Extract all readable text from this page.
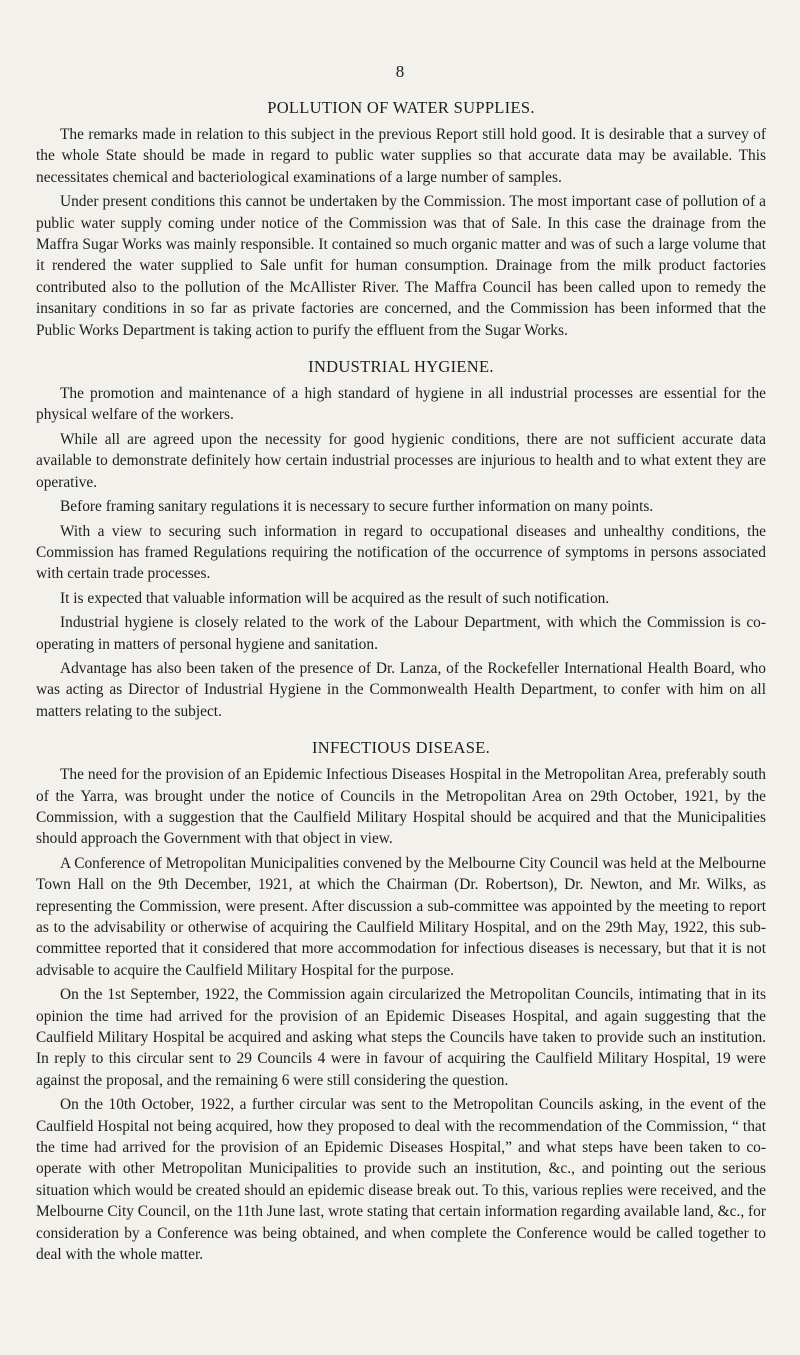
8
POLLUTION OF WATER SUPPLIES.

The remarks made in relation to this subject in the previous Report still hold good. It is desirable that a survey of the whole State should be made in regard to public water supplies so that accurate data may be available. This necessitates chemical and bacteriological examinations of a large number of samples.

Under present conditions this cannot be undertaken by the Commission. The most important case of pollution of a public water supply coming under notice of the Commission was that of Sale. In this case the drainage from the Maffra Sugar Works was mainly responsible. It contained so much organic matter and was of such a large volume that it rendered the water supplied to Sale unfit for human consumption. Drainage from the milk product factories contributed also to the pollution of the McAllister River. The Maffra Council has been called upon to remedy the insanitary conditions in so far as private factories are concerned, and the Commission has been informed that the Public Works Department is taking action to purify the effluent from the Sugar Works.

INDUSTRIAL HYGIENE.

The promotion and maintenance of a high standard of hygiene in all industrial processes are essential for the physical welfare of the workers.

While all are agreed upon the necessity for good hygienic conditions, there are not sufficient accurate data available to demonstrate definitely how certain industrial processes are injurious to health and to what extent they are operative.

Before framing sanitary regulations it is necessary to secure further information on many points.

With a view to securing such information in regard to occupational diseases and unhealthy conditions, the Commission has framed Regulations requiring the notification of the occurrence of symptoms in persons associated with certain trade processes.

It is expected that valuable information will be acquired as the result of such notification.

Industrial hygiene is closely related to the work of the Labour Department, with which the Commission is co-operating in matters of personal hygiene and sanitation.

Advantage has also been taken of the presence of Dr. Lanza, of the Rockefeller International Health Board, who was acting as Director of Industrial Hygiene in the Commonwealth Health Department, to confer with him on all matters relating to the subject.

INFECTIOUS DISEASE.

The need for the provision of an Epidemic Infectious Diseases Hospital in the Metropolitan Area, preferably south of the Yarra, was brought under the notice of Councils in the Metropolitan Area on 29th October, 1921, by the Commission, with a suggestion that the Caulfield Military Hospital should be acquired and that the Municipalities should approach the Government with that object in view.

A Conference of Metropolitan Municipalities convened by the Melbourne City Council was held at the Melbourne Town Hall on the 9th December, 1921, at which the Chairman (Dr. Robertson), Dr. Newton, and Mr. Wilks, as representing the Commission, were present. After discussion a sub-committee was appointed by the meeting to report as to the advisability or otherwise of acquiring the Caulfield Military Hospital, and on the 29th May, 1922, this sub-committee reported that it considered that more accommodation for infectious diseases is necessary, but that it is not advisable to acquire the Caulfield Military Hospital for the purpose.

On the 1st September, 1922, the Commission again circularized the Metropolitan Councils, intimating that in its opinion the time had arrived for the provision of an Epidemic Diseases Hospital, and again suggesting that the Caulfield Military Hospital be acquired and asking what steps the Councils have taken to provide such an institution. In reply to this circular sent to 29 Councils 4 were in favour of acquiring the Caulfield Military Hospital, 19 were against the proposal, and the remaining 6 were still considering the question.

On the 10th October, 1922, a further circular was sent to the Metropolitan Councils asking, in the event of the Caulfield Hospital not being acquired, how they proposed to deal with the recommendation of the Commission, “ that the time had arrived for the provision of an Epidemic Diseases Hospital,” and what steps have been taken to co-operate with other Metropolitan Municipalities to provide such an institution, &c., and pointing out the serious situation which would be created should an epidemic disease break out. To this, various replies were received, and the Melbourne City Council, on the 11th June last, wrote stating that certain information regarding available land, &c., for consideration by a Conference was being obtained, and when complete the Conference would be called together to deal with the whole matter.
